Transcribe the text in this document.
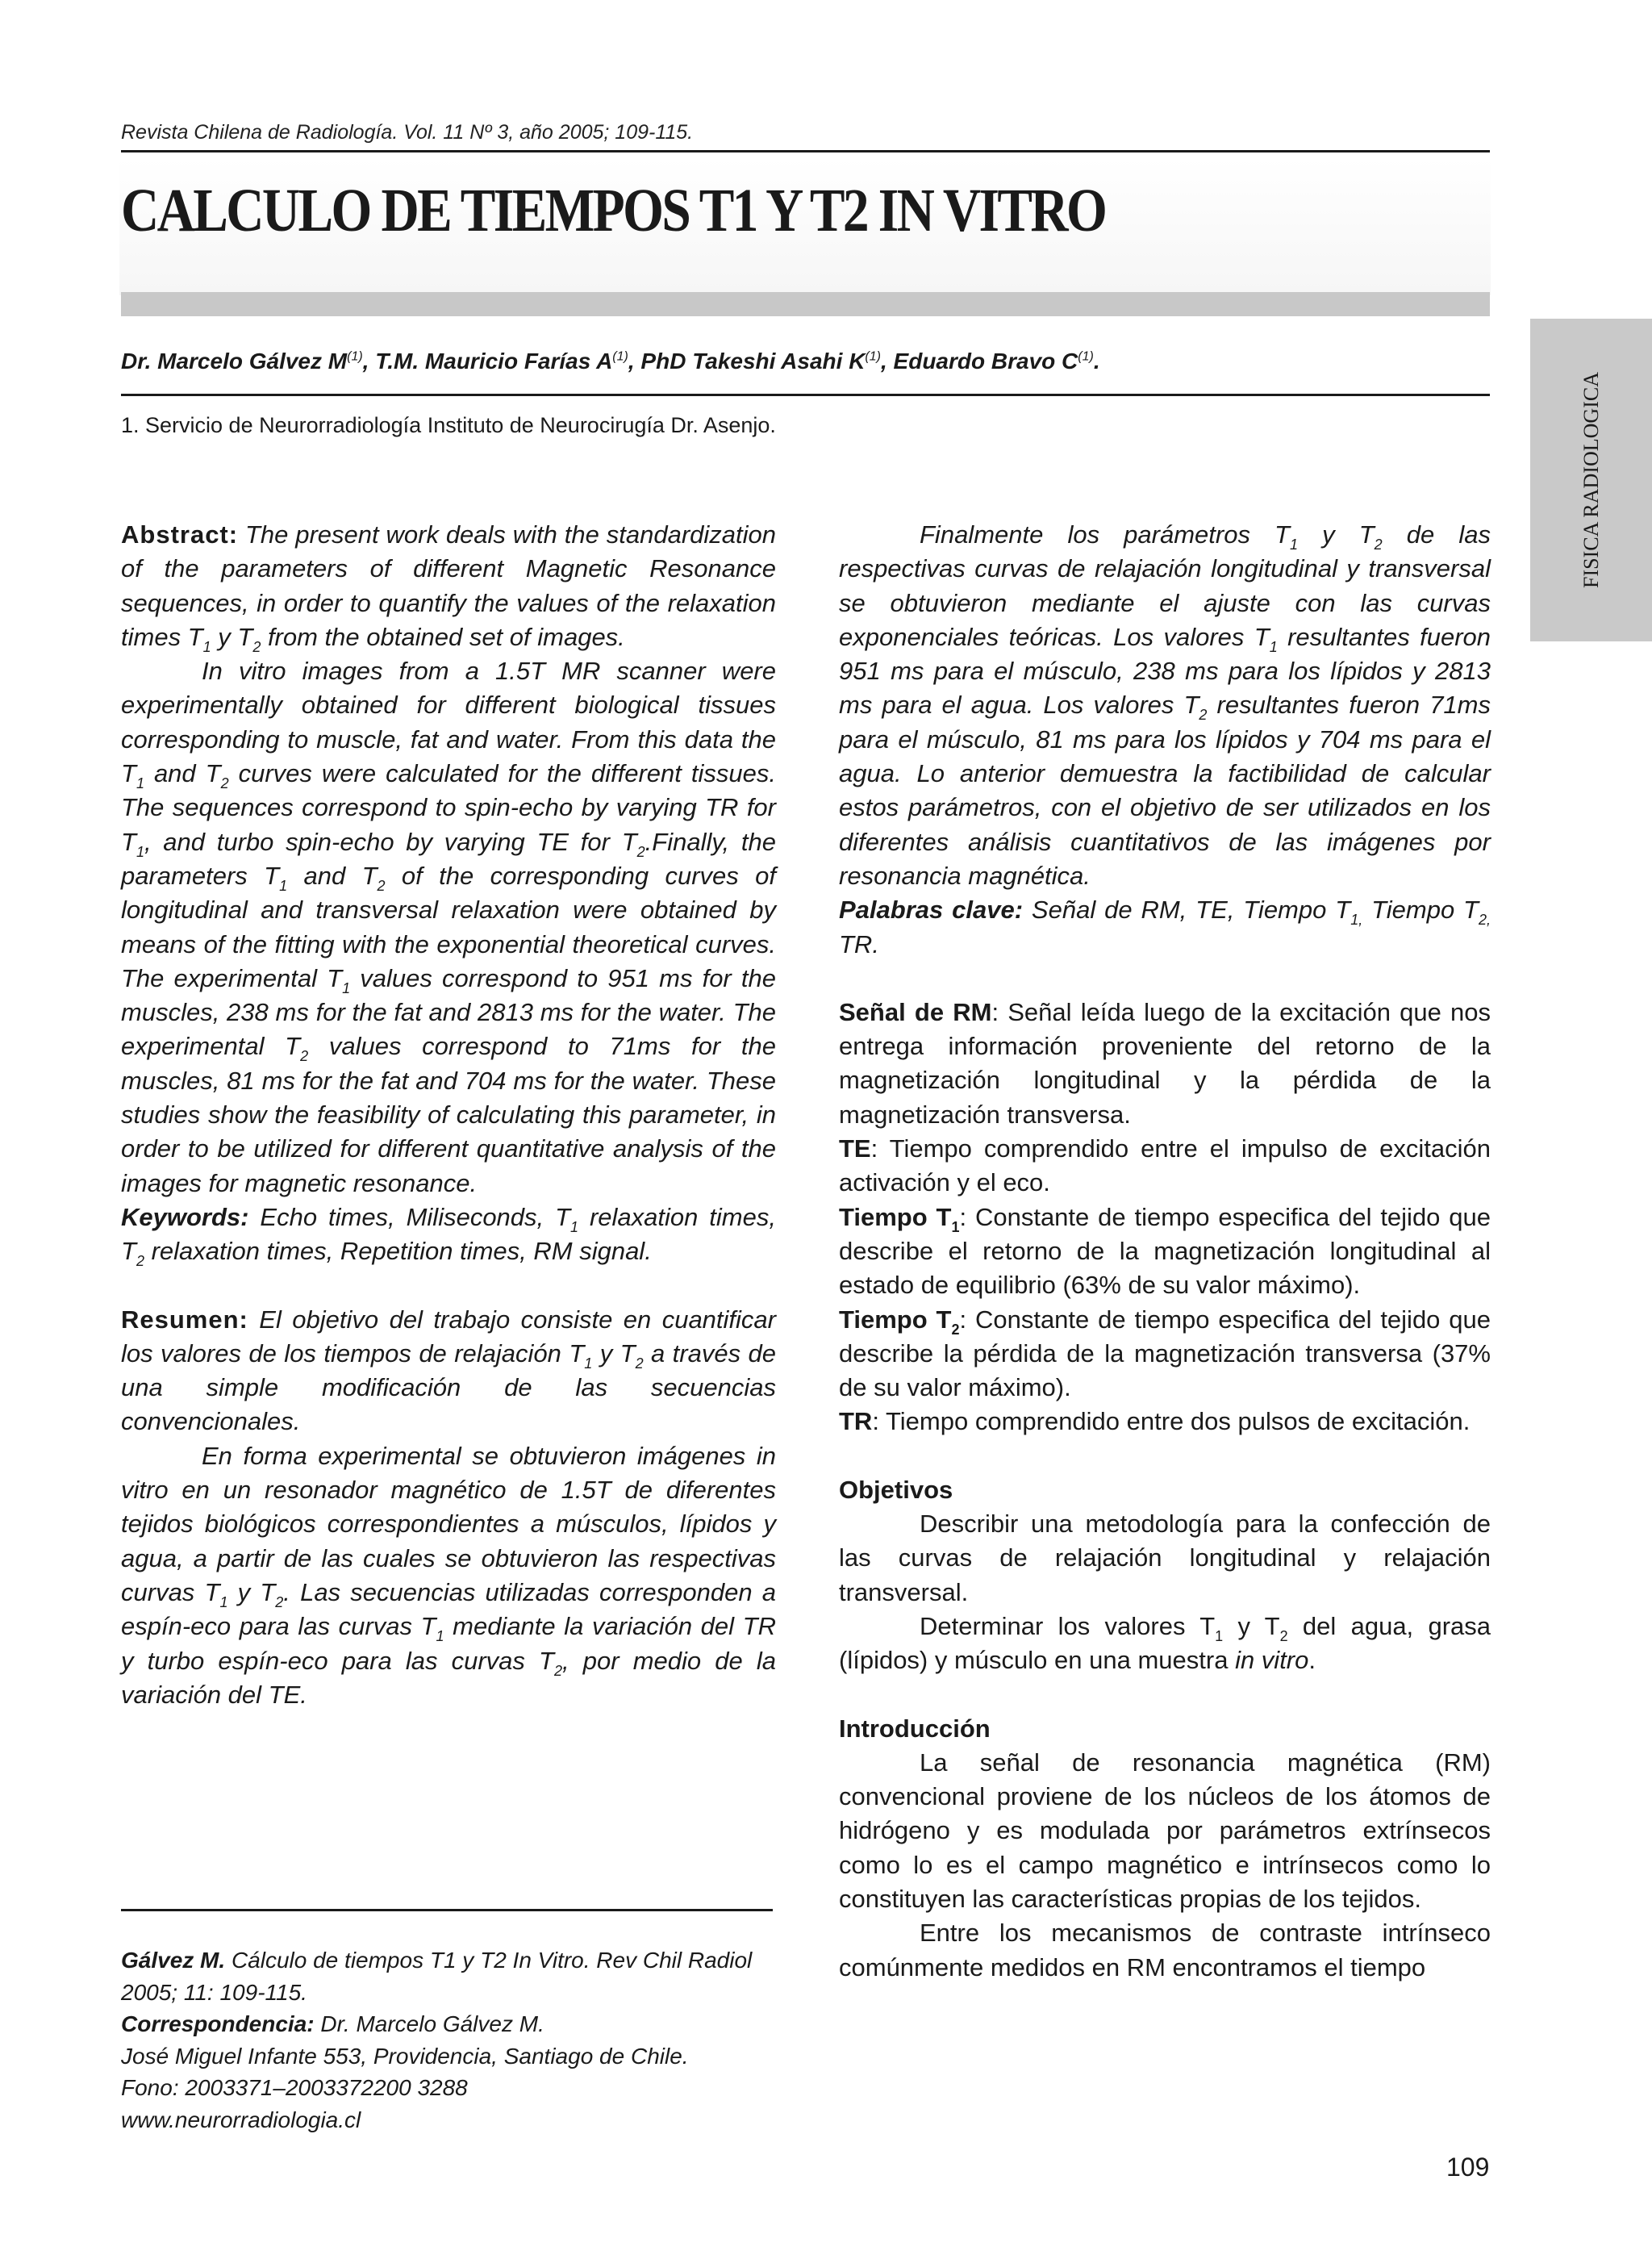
Revista Chilena de Radiología. Vol. 11 Nº 3, año 2005; 109-115.
CALCULO DE TIEMPOS T1 Y T2 IN VITRO
Dr. Marcelo Gálvez $M^{(1)}$, T.M. Mauricio Farías $A^{(1)}$, PhD Takeshi Asahi $K^{(1)}$, Eduardo Bravo $C^{(1)}$.
1. Servicio de Neurorradiología Instituto de Neurocirugía Dr. Asenjo.	FISICA RADIOLOGICA

Abstract: The present work deals with the standardization of the parameters of different Magnetic Resonance sequences, in order to quantify the values of the relaxation times $T_1$ y $T_2$ from the obtained set of images.

In vitro images from a 1.5T MR scanner were experimentally obtained for different biological tissues corresponding to muscle, fat and water. From this data the $T_1$ and $T_2$ curves were calculated for the different tissues. The sequences correspond to spin-echo by varying TR for $T_1$, and turbo spin-echo by varying TE for $T_2.Finally$, the parameters $T_1$ and $T_2$ of the corresponding curves of longitudinal and transversal relaxation were obtained by means of the fitting with the exponential theoretical curves. The experimental $T_1$ values correspond to 951 ms for the muscles, 238 ms for the fat and 2813 ms for the water. The experimental $T_2$ values correspond to 71ms for the muscles, 81 ms for the fat and 704 ms for the water. These studies show the feasibility of calculating this parameter, in order to be utilized for different quantitative analysis of the images for magnetic resonance.

Keywords: Echo times, Miliseconds, $T_1$ relaxation times, $T_2$ relaxation times, Repetition times, RM signal.

Resumen: El objetivo del trabajo consiste en cuantificar los valores de los tiempos de relajación $T_1$ y $T_2$ a través de una simple modificación de las secuencias convencionales.

En forma experimental se obtuvieron imágenes in vitro en un resonador magnético de 1.5T de diferentes tejidos biológicos correspondientes a músculos, lípidos y agua, a partir de las cuales se obtuvieron las respectivas curvas $T_1$ y $T_2$. Las secuencias utilizadas corresponden a espín-eco para las curvas $T_1$ mediante la variación del TR y turbo espín-eco para las curvas $T_2$, por medio de la variación del TE.

Gálvez M. Cálculo de tiempos T1 y T2 In Vitro. Rev Chil Radiol 2005; 11: 109-115.

Correspondencia: Dr. Marcelo Gálvez M.

José Miguel Infante 553, Providencia, Santiago de Chile.

Fono: 2003371–2003372200 3288

www.neurorradiologia.cl

Finalmente los parámetros $T_1$ y $T_2$ de las respectivas curvas de relajación longitudinal y transversal se obtuvieron mediante el ajuste con las curvas exponenciales teóricas. Los valores $T_1$ resultantes fueron 951 ms para el músculo, 238 ms para los lípidos y 2813 ms para el agua. Los valores $T_2$ resultantes fueron 71ms para el músculo, 81 ms para los lípidos y 704 ms para el agua. Lo anterior demuestra la factibilidad de calcular estos parámetros, con el objetivo de ser utilizados en los diferentes análisis cuantitativos de las imágenes por resonancia magnética.

Palabras clave: Señal de RM, TE, Tiempo $T_{1,}$ Tiempo $T_{2,}$ TR.

Señal de RM: Señal leída luego de la excitación que nos entrega información proveniente del retorno de la magnetización longitudinal y la pérdida de la magnetización transversa.

TE: Tiempo comprendido entre el impulso de excitación activación y el eco.

Tiempo $T_1$: Constante de tiempo especifica del tejido que describe el retorno de la magnetización longitudinal al estado de equilibrio (63% de su valor máximo).

Tiempo $T_2$: Constante de tiempo especifica del tejido que describe la pérdida de la magnetización transversa (37% de su valor máximo).

TR: Tiempo comprendido entre dos pulsos de excitación.

Objetivos

Describir una metodología para la confección de las curvas de relajación longitudinal y relajación transversal.

Determinar los valores $T_1$ y $T_2$ del agua, grasa (lípidos) y músculo en una muestra in vitro.

Introducción

La señal de resonancia magnética (RM) convencional proviene de los núcleos de los átomos de hidrógeno y es modulada por parámetros extrínsecos como lo es el campo magnético e intrínsecos como lo constituyen las características propias de los tejidos.

Entre los mecanismos de contraste intrínseco comúnmente medidos en RM encontramos el tiempo

109
